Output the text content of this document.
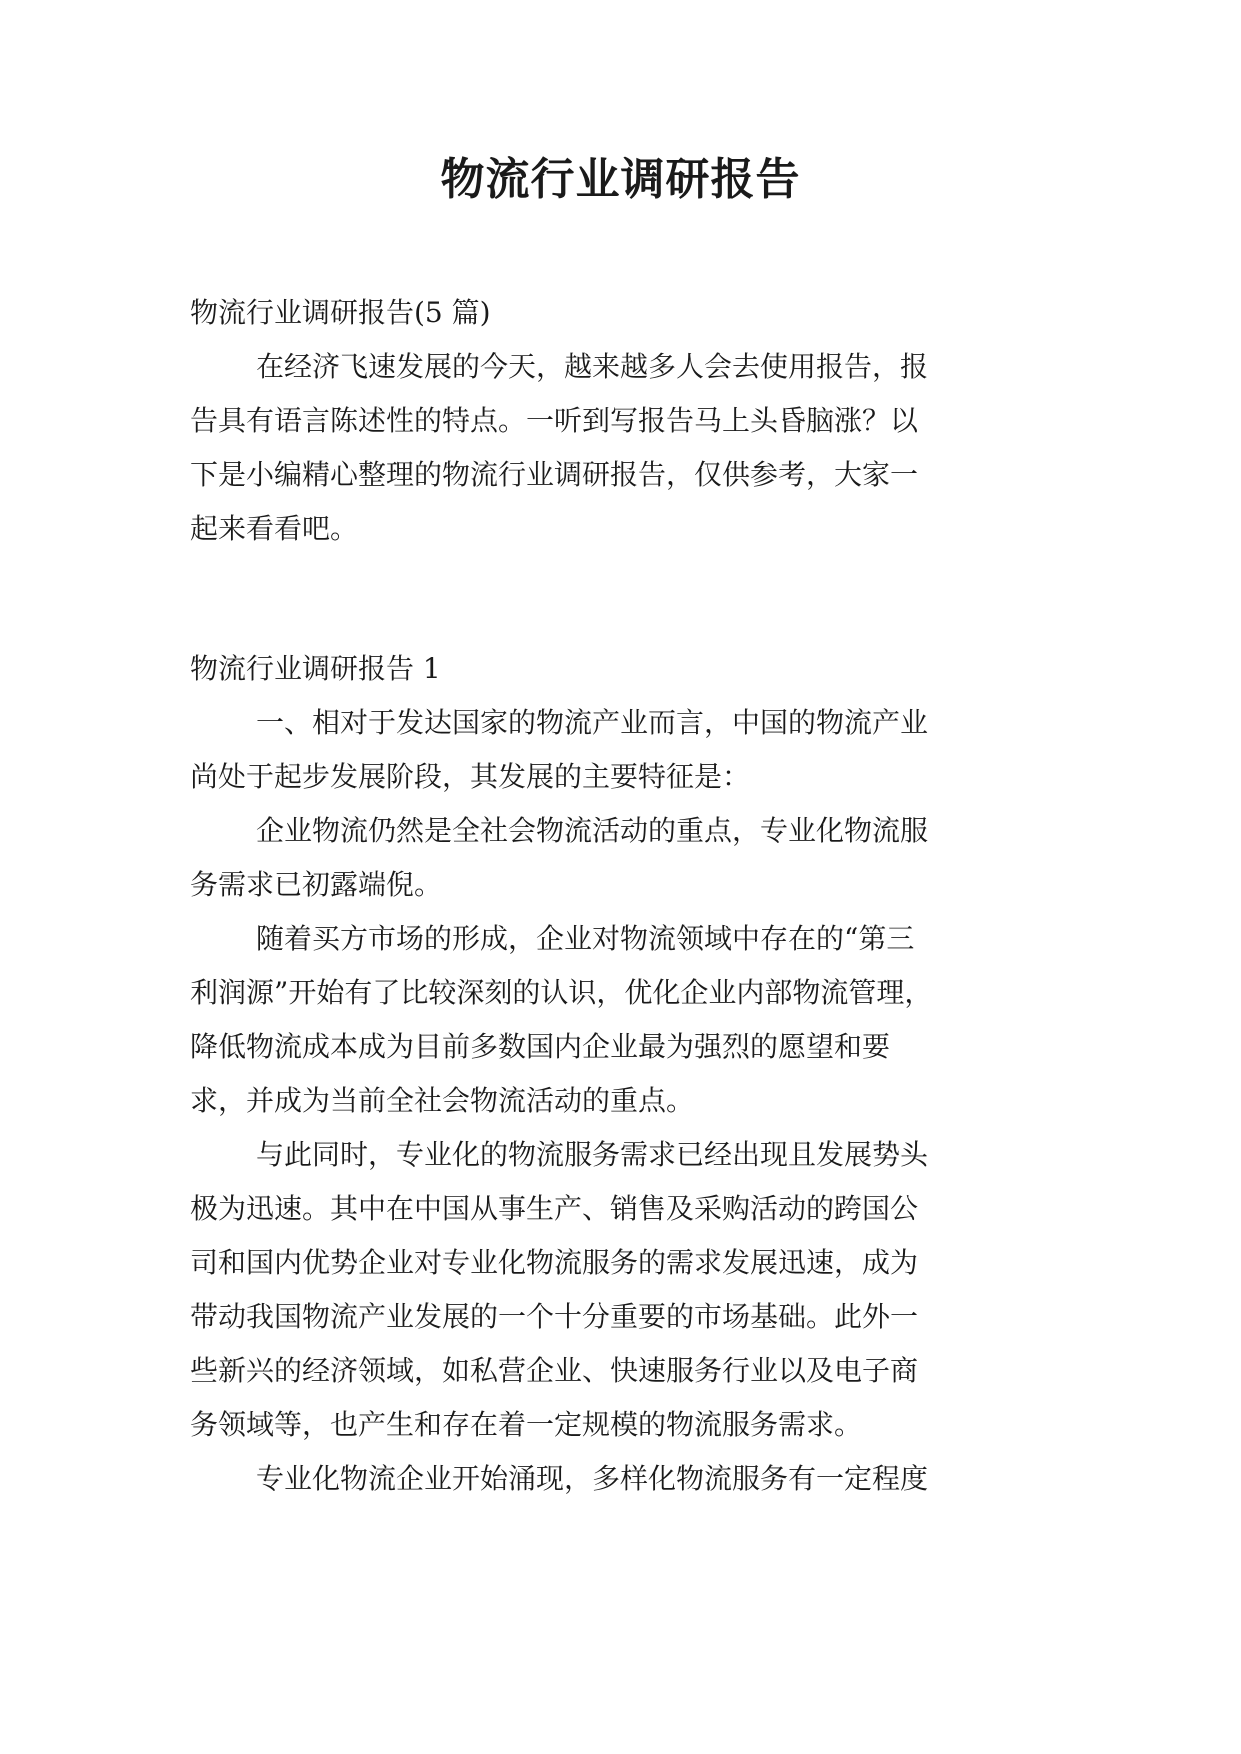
物流行业调研报告

物流行业调研报告(5 篇)

在经济飞速发展的今天，越来越多人会去使用报告，报

告具有语言陈述性的特点。一听到写报告马上头昏脑涨？以

下是小编精心整理的物流行业调研报告，仅供参考，大家一

起来看看吧。

物流行业调研报告 1

一、相对于发达国家的物流产业而言，中国的物流产业

尚处于起步发展阶段，其发展的主要特征是：

企业物流仍然是全社会物流活动的重点，专业化物流服

务需求已初露端倪。

随着买方市场的形成，企业对物流领域中存在的“第三

利润源”开始有了比较深刻的认识，优化企业内部物流管理，

降低物流成本成为目前多数国内企业最为强烈的愿望和要

求，并成为当前全社会物流活动的重点。

与此同时，专业化的物流服务需求已经出现且发展势头

极为迅速。其中在中国从事生产、销售及采购活动的跨国公

司和国内优势企业对专业化物流服务的需求发展迅速，成为

带动我国物流产业发展的一个十分重要的市场基础。此外一

些新兴的经济领域，如私营企业、快速服务行业以及电子商

务领域等，也产生和存在着一定规模的物流服务需求。

专业化物流企业开始涌现，多样化物流服务有一定程度
